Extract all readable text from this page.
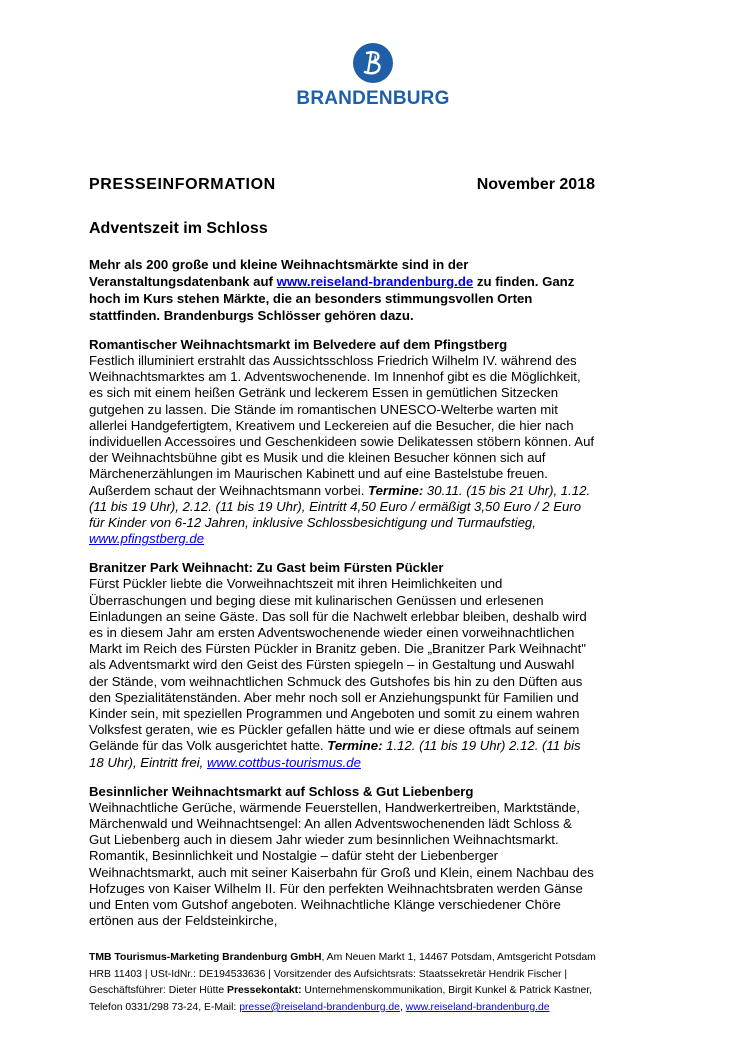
BRANDENBURG
PRESSEINFORMATION	November 2018
Adventszeit im Schloss
Mehr als 200 große und kleine Weihnachtsmärkte sind in der Veranstaltungsdatenbank auf www.reiseland-brandenburg.de zu finden. Ganz hoch im Kurs stehen Märkte, die an besonders stimmungsvollen Orten stattfinden. Brandenburgs Schlösser gehören dazu.
Romantischer Weihnachtsmarkt im Belvedere auf dem Pfingstberg
Festlich illuminiert erstrahlt das Aussichtsschloss Friedrich Wilhelm IV. während des Weihnachtsmarktes am 1. Adventswochenende. Im Innenhof gibt es die Möglichkeit, es sich mit einem heißen Getränk und leckerem Essen in gemütlichen Sitzecken gutgehen zu lassen. Die Stände im romantischen UNESCO-Welterbe warten mit allerlei Handgefertigtem, Kreativem und Leckereien auf die Besucher, die hier nach individuellen Accessoires und Geschenkideen sowie Delikatessen stöbern können. Auf der Weihnachtsbühne gibt es Musik und die kleinen Besucher können sich auf Märchenerzählungen im Maurischen Kabinett und auf eine Bastelstube freuen. Außerdem schaut der Weihnachtsmann vorbei. Termine: 30.11. (15 bis 21 Uhr), 1.12. (11 bis 19 Uhr), 2.12. (11 bis 19 Uhr), Eintritt 4,50 Euro / ermäßigt 3,50 Euro / 2 Euro für Kinder von 6-12 Jahren, inklusive Schlossbesichtigung und Turmaufstieg, www.pfingstberg.de
Branitzer Park Weihnacht: Zu Gast beim Fürsten Pückler
Fürst Pückler liebte die Vorweihnachtszeit mit ihren Heimlichkeiten und Überraschungen und beging diese mit kulinarischen Genüssen und erlesenen Einladungen an seine Gäste. Das soll für die Nachwelt erlebbar bleiben, deshalb wird es in diesem Jahr am ersten Adventswochenende wieder einen vorweihnachtlichen Markt im Reich des Fürsten Pückler in Branitz geben. Die „Branitzer Park Weihnacht" als Adventsmarkt wird den Geist des Fürsten spiegeln – in Gestaltung und Auswahl der Stände, vom weihnachtlichen Schmuck des Gutshofes bis hin zu den Düften aus den Spezialitätenständen. Aber mehr noch soll er Anziehungspunkt für Familien und Kinder sein, mit speziellen Programmen und Angeboten und somit zu einem wahren Volksfest geraten, wie es Pückler gefallen hätte und wie er diese oftmals auf seinem Gelände für das Volk ausgerichtet hatte. Termine: 1.12. (11 bis 19 Uhr) 2.12. (11 bis 18 Uhr), Eintritt frei, www.cottbus-tourismus.de
Besinnlicher Weihnachtsmarkt auf Schloss & Gut Liebenberg
Weihnachtliche Gerüche, wärmende Feuerstellen, Handwerkertreiben, Marktstände, Märchenwald und Weihnachtsengel: An allen Adventswochenenden lädt Schloss & Gut Liebenberg auch in diesem Jahr wieder zum besinnlichen Weihnachtsmarkt. Romantik, Besinnlichkeit und Nostalgie – dafür steht der Liebenberger Weihnachtsmarkt, auch mit seiner Kaiserbahn für Groß und Klein, einem Nachbau des Hofzuges von Kaiser Wilhelm II. Für den perfekten Weihnachtsbraten werden Gänse und Enten vom Gutshof angeboten. Weihnachtliche Klänge verschiedener Chöre ertönen aus der Feldsteinkirche,
TMB Tourismus-Marketing Brandenburg GmbH, Am Neuen Markt 1, 14467 Potsdam, Amtsgericht Potsdam HRB 11403 | USt-IdNr.: DE194533636 | Vorsitzender des Aufsichtsrats: Staatssekretär Hendrik Fischer | Geschäftsführer: Dieter Hütte Pressekontakt: Unternehmenskommunikation, Birgit Kunkel & Patrick Kastner, Telefon 0331/298 73-24, E-Mail: presse@reiseland-brandenburg.de, www.reiseland-brandenburg.de
